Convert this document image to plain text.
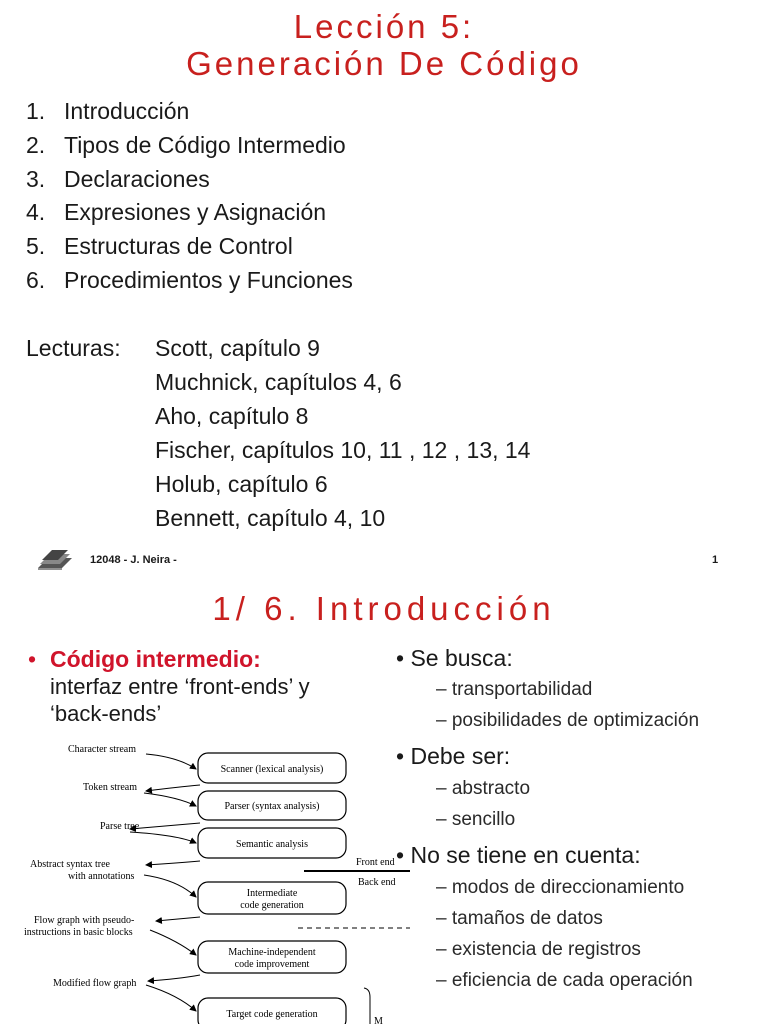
Lección 5:
Generación De Código
1. Introducción
2. Tipos de Código Intermedio
3. Declaraciones
4. Expresiones y Asignación
5. Estructuras de Control
6. Procedimientos y Funciones
Lecturas: Scott, capítulo 9
Muchnick, capítulos 4, 6
Aho, capítulo 8
Fischer, capítulos 10, 11 , 12 , 13, 14
Holub, capítulo 6
Bennett, capítulo 4, 10
12048 - J. Neira -	1
1/ 6. Introducción
• Código intermedio:
interfaz entre ‘front-ends’ y
‘back-ends’
Character stream
Token stream
Parse tree
Abstract syntax tree
with annotations
Flow graph with pseudo-
instructions in basic blocks
Modified flow graph
Scanner (lexical analysis)
Parser (syntax analysis)
Semantic analysis
Intermediate
code generation
Machine-independent
code improvement
Target code generation
Front end
Back end
M
• Se busca:
– transportabilidad
– posibilidades de optimización
• Debe ser:
– abstracto
– sencillo
• No se tiene en cuenta:
– modos de direccionamiento
– tamaños de datos
– existencia de registros
– eficiencia de cada operación
